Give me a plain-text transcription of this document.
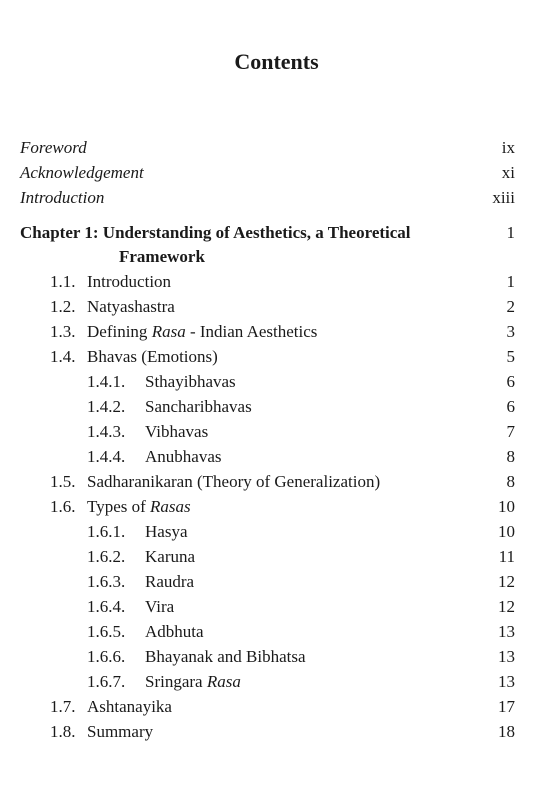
Contents
Foreword	ix
Acknowledgement	xi
Introduction	xiii
Chapter 1: Understanding of Aesthetics, a Theoretical	1
Framework
1.1. Introduction	1
1.2. Natyashastra	2
1.3. Defining Rasa - Indian Aesthetics	3
1.4. Bhavas (Emotions)	5
1.4.1. Sthayibhavas	6
1.4.2. Sancharibhavas	6
1.4.3. Vibhavas	7
1.4.4. Anubhavas	8
1.5. Sadharanikaran (Theory of Generalization)	8
1.6. Types of Rasas	10
1.6.1. Hasya	10
1.6.2. Karuna	11
1.6.3. Raudra	12
1.6.4. Vira	12
1.6.5. Adbhuta	13
1.6.6. Bhayanak and Bibhatsa	13
1.6.7. Sringara Rasa	13
1.7. Ashtanayika	17
1.8. Summary	18
